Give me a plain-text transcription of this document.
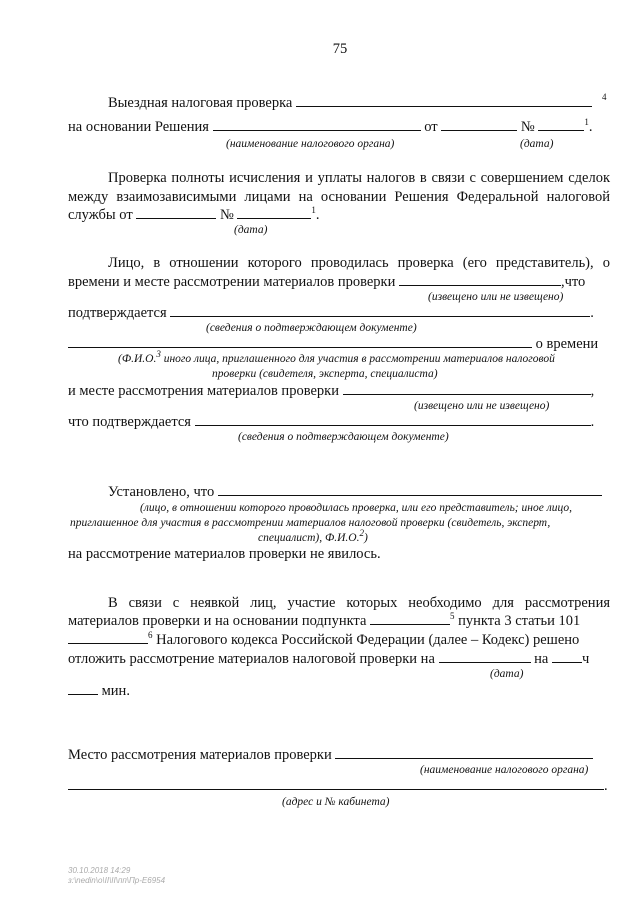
75
Выездная налоговая проверка	4
на основании Решения	от	№	$^1$.
(наименование налогового органа)	(дата)
Проверка полноты исчисления и уплаты налогов в связи с совершением сделок
между взаимозависимыми лицами на основании Решения Федеральной налоговой
службы от	№	$^1$.
(дата)
Лицо, в отношении которого проводилась проверка (его представитель), о
времени и месте рассмотрении материалов проверки	,что
(извещено или не извещено)
подтверждается	.
(сведения о подтверждающем документе)
о времени
(Ф.И.О.$^3$ иного лица, приглашенного для участия в рассмотрении материалов налоговой
проверки (свидетеля, эксперта, специалиста)
и месте рассмотрения материалов проверки	,
(извещено или не извещено)
что подтверждается	.
(сведения о подтверждающем документе)
Установлено, что
(лицо, в отношении которого проводилась проверка, или его представитель; иное лицо,
приглашенное для участия в рассмотрении материалов налоговой проверки (свидетель, эксперт,
специалист), Ф.И.О.$^2$)
на рассмотрение материалов проверки не явилось.
В связи с неявкой лиц, участие которых необходимо для рассмотрения
материалов проверки и на основании подпункта	$^5$ пункта 3 статьи 101
$^6$ Налогового кодекса Российской Федерации (далее – Кодекс) решено
отложить рассмотрение материалов налоговой проверки на	на ч
(дата)
мин.
Место рассмотрения материалов проверки
(наименование налогового органа)
.
(адрес и № кабинета)
30.10.2018 14:29
з:\nedin\o\II\II\пп\Пр-Е6954
